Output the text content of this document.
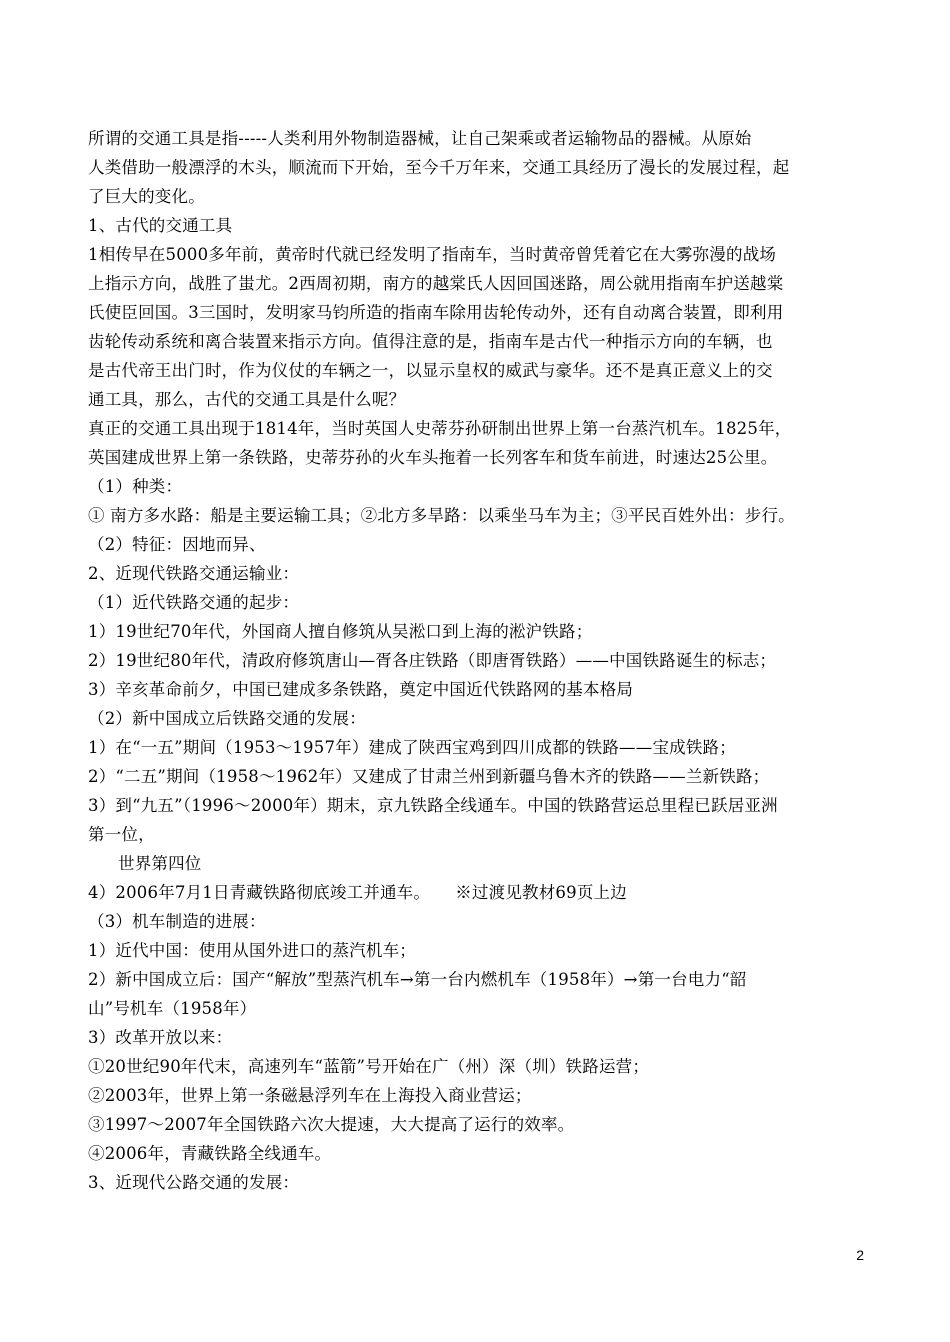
所谓的交通工具是指-----人类利用外物制造器械，让自己架乘或者运输物品的器械。从原始
人类借助一般漂浮的木头，顺流而下开始，至今千万年来，交通工具经历了漫长的发展过程，起
了巨大的变化。
1、古代的交通工具
1相传早在5000多年前，黄帝时代就已经发明了指南车，当时黄帝曾凭着它在大雾弥漫的战场
上指示方向，战胜了蚩尤。2西周初期，南方的越棠氏人因回国迷路，周公就用指南车护送越棠
氏使臣回国。3三国时，发明家马钧所造的指南车除用齿轮传动外，还有自动离合装置，即利用
齿轮传动系统和离合装置来指示方向。值得注意的是，指南车是古代一种指示方向的车辆，也
是古代帝王出门时，作为仪仗的车辆之一，以显示皇权的威武与豪华。还不是真正意义上的交
通工具，那么，古代的交通工具是什么呢？
真正的交通工具出现于1814年，当时英国人史蒂芬孙研制出世界上第一台蒸汽机车。1825年，
英国建成世界上第一条铁路，史蒂芬孙的火车头拖着一长列客车和货车前进，时速达25公里。
（1）种类：
① 南方多水路：船是主要运输工具；②北方多旱路：以乘坐马车为主；③平民百姓外出：步行。
（2）特征：因地而异、
2、近现代铁路交通运输业：
（1）近代铁路交通的起步：
1）19世纪70年代，外国商人擅自修筑从吴淞口到上海的淞沪铁路；
2）19世纪80年代，清政府修筑唐山—胥各庄铁路（即唐胥铁路）——中国铁路诞生的标志；
3）辛亥革命前夕，中国已建成多条铁路，奠定中国近代铁路网的基本格局
（2）新中国成立后铁路交通的发展：
1）在“一五”期间（1953～1957年）建成了陕西宝鸡到四川成都的铁路——宝成铁路；
2）“二五”期间（1958～1962年）又建成了甘肃兰州到新疆乌鲁木齐的铁路——兰新铁路；
3）到“九五”（1996～2000年）期末，京九铁路全线通车。中国的铁路营运总里程已跃居亚洲
第一位，
世界第四位
4）2006年7月1日青藏铁路彻底竣工并通车。　　※过渡见教材69页上边
（3）机车制造的进展：
1）近代中国：使用从国外进口的蒸汽机车；
2）新中国成立后：国产“解放”型蒸汽机车→第一台内燃机车（1958年）→第一台电力“韶
山”号机车（1958年）
3）改革开放以来：
①20世纪90年代末，高速列车“蓝箭”号开始在广（州）深（圳）铁路运营；
②2003年，世界上第一条磁悬浮列车在上海投入商业营运；
③1997～2007年全国铁路六次大提速，大大提高了运行的效率。
④2006年，青藏铁路全线通车。
3、近现代公路交通的发展：
2
